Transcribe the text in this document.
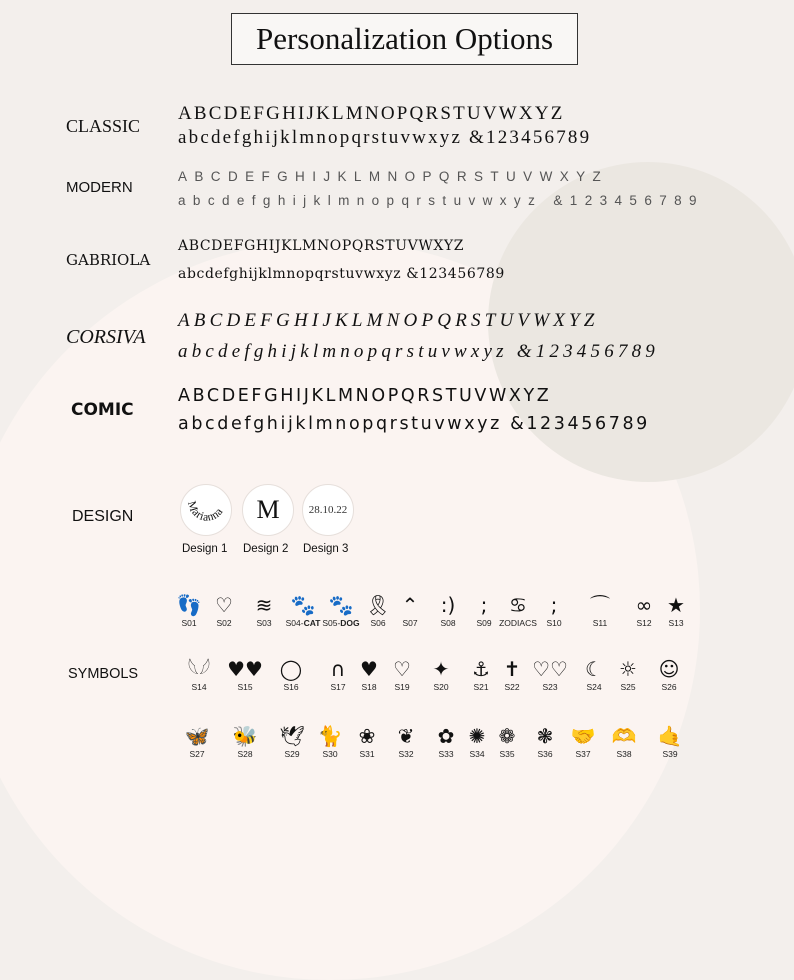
Personalization Options
CLASSIC
ABCDEFGHIJKLMNOPQRSTUVWXYZ
abcdefghijklmnopqrstuvwxyz &123456789
MODERN
ABCDEFGHIJKLMNOPQRSTUVWXYZ
abcdefghijklmnopqrstuvwxyz &123456789
GABRIOLA
ABCDEFGHIJKLMNOPQRSTUVWXYZ
abcdefghijklmnopqrstuvwxyz &123456789
CORSIVA
ABCDEFGHIJKLMNOPQRSTUVWXYZ
abcdefghijklmnopqrstuvwxyz &123456789
COMIC
ABCDEFGHIJKLMNOPQRSTUVWXYZ
abcdefghijklmnopqrstuvwxyz &123456789
DESIGN
Marianna M	28.10.22
Design 1 Design 2 Design 3
SYMBOLS
👣
S01
♡
S02
≋
S03
🐾
S04-CAT
🐾
S05-DOG
🎗
S06
⌃
S07
:)
S08
;
S09
♋
ZODIACS
;
S10
⌒
S11
∞
S12
★
S13
𓆩𓆪
S14
♥♥
S15
◯
S16
∩
S17
♥
S18
♡
S19
✦
S20
⚓
S21
✝
S22
♡♡
S23
☾
S24
☼
S25
☺
S26
🦋
S27
🐝
S28
🕊
S29
🐈
S30
❀
S31
❦
S32
✿
S33
✺
S34
❁
S35
❃
S36
🤝
S37
🫶
S38
🤙
S39
